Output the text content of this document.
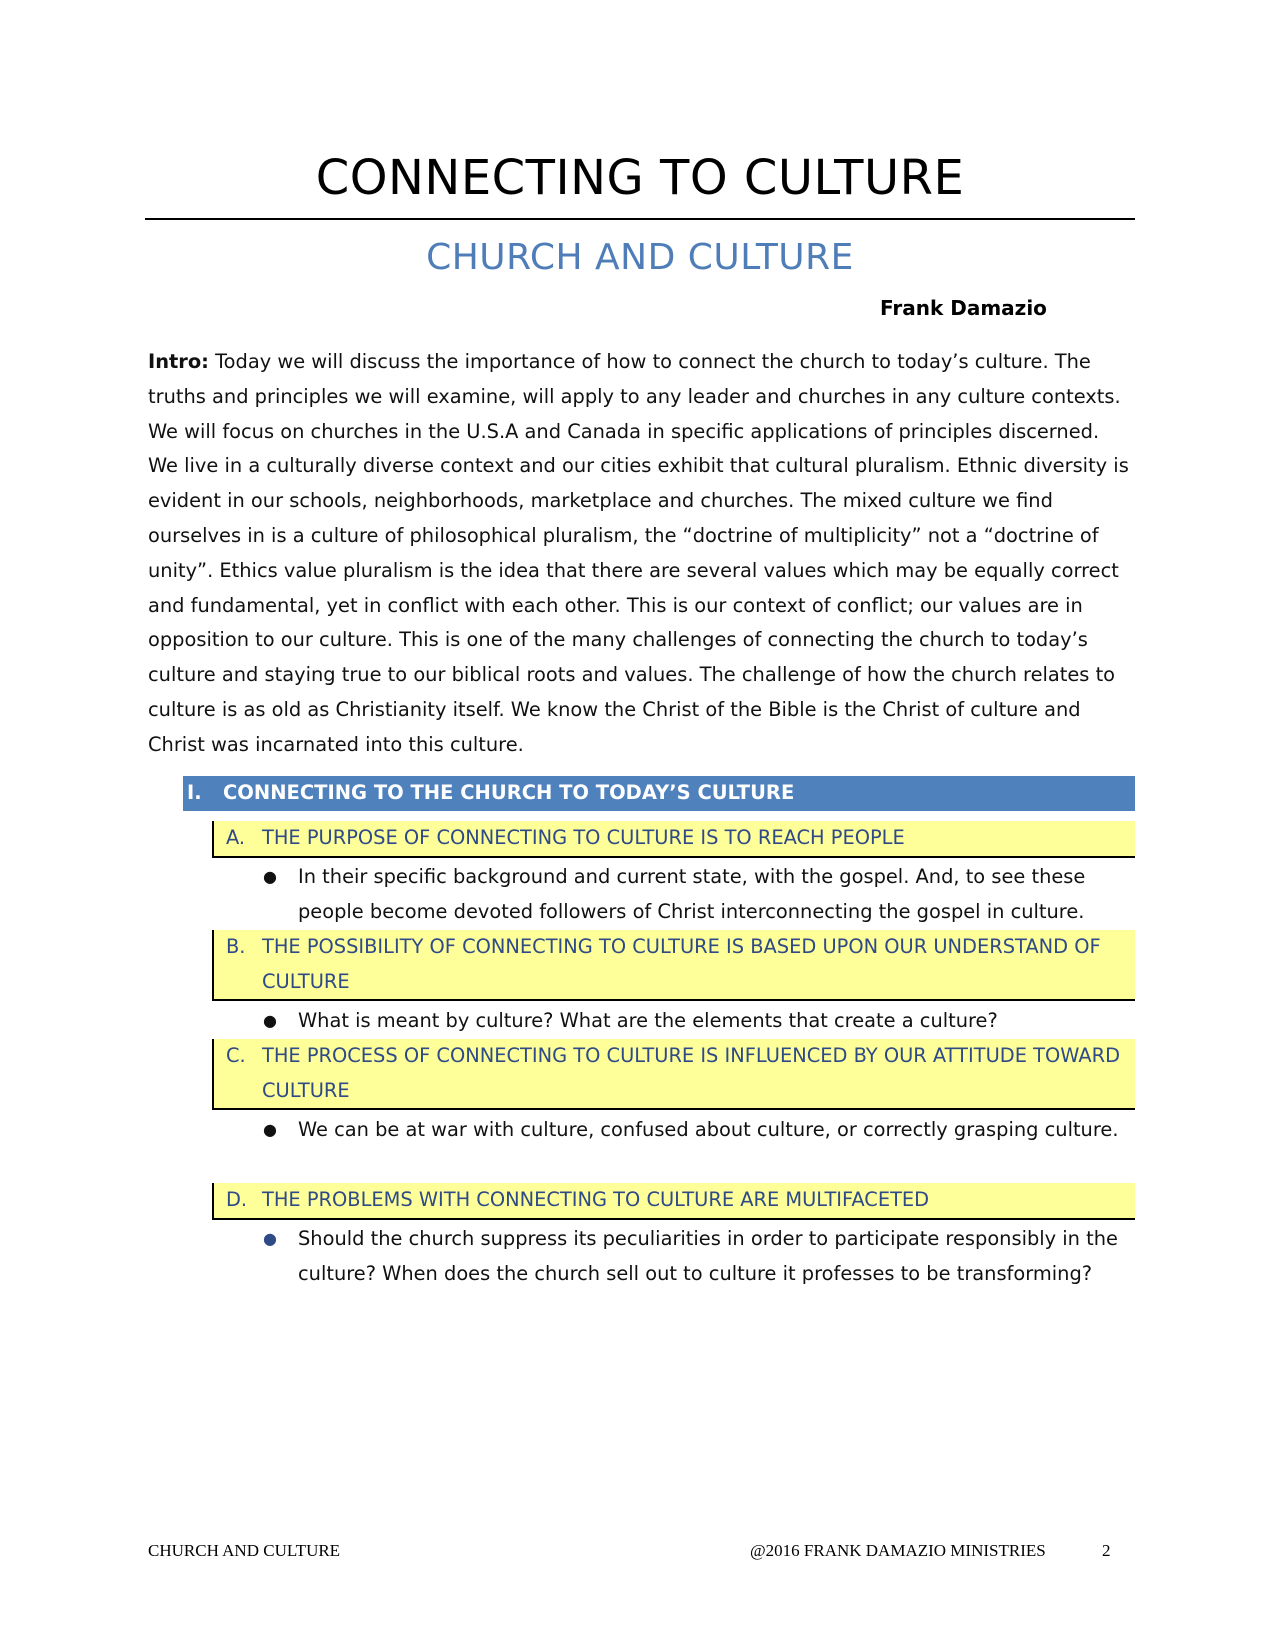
CONNECTING TO CULTURE
CHURCH AND CULTURE
Frank Damazio

Intro: Today we will discuss the importance of how to connect the church to today’s culture. The truths and principles we will examine, will apply to any leader and churches in any culture contexts. We will focus on churches in the U.S.A and Canada in specific applications of principles discerned. We live in a culturally diverse context and our cities exhibit that cultural pluralism. Ethnic diversity is evident in our schools, neighborhoods, marketplace and churches. The mixed culture we find ourselves in is a culture of philosophical pluralism, the “doctrine of multiplicity” not a “doctrine of unity”. Ethics value pluralism is the idea that there are several values which may be equally correct and fundamental, yet in conflict with each other. This is our context of conflict; our values are in opposition to our culture. This is one of the many challenges of connecting the church to today’s culture and staying true to our biblical roots and values. The challenge of how the church relates to culture is as old as Christianity itself. We know the Christ of the Bible is the Christ of culture and Christ was incarnated into this culture.

I. CONNECTING TO THE CHURCH TO TODAY’S CULTURE
A. THE PURPOSE OF CONNECTING TO CULTURE IS TO REACH PEOPLE
● In their specific background and current state, with the gospel. And, to see these people become devoted followers of Christ interconnecting the gospel in culture.
B. THE POSSIBILITY OF CONNECTING TO CULTURE IS BASED UPON OUR UNDERSTAND OF CULTURE
● What is meant by culture? What are the elements that create a culture?
C. THE PROCESS OF CONNECTING TO CULTURE IS INFLUENCED BY OUR ATTITUDE TOWARD CULTURE
● We can be at war with culture, confused about culture, or correctly grasping culture.
D. THE PROBLEMS WITH CONNECTING TO CULTURE ARE MULTIFACETED
● Should the church suppress its peculiarities in order to participate responsibly in the culture? When does the church sell out to culture it professes to be transforming?
CHURCH AND CULTURE	@2016 FRANK DAMAZIO MINISTRIES	2
